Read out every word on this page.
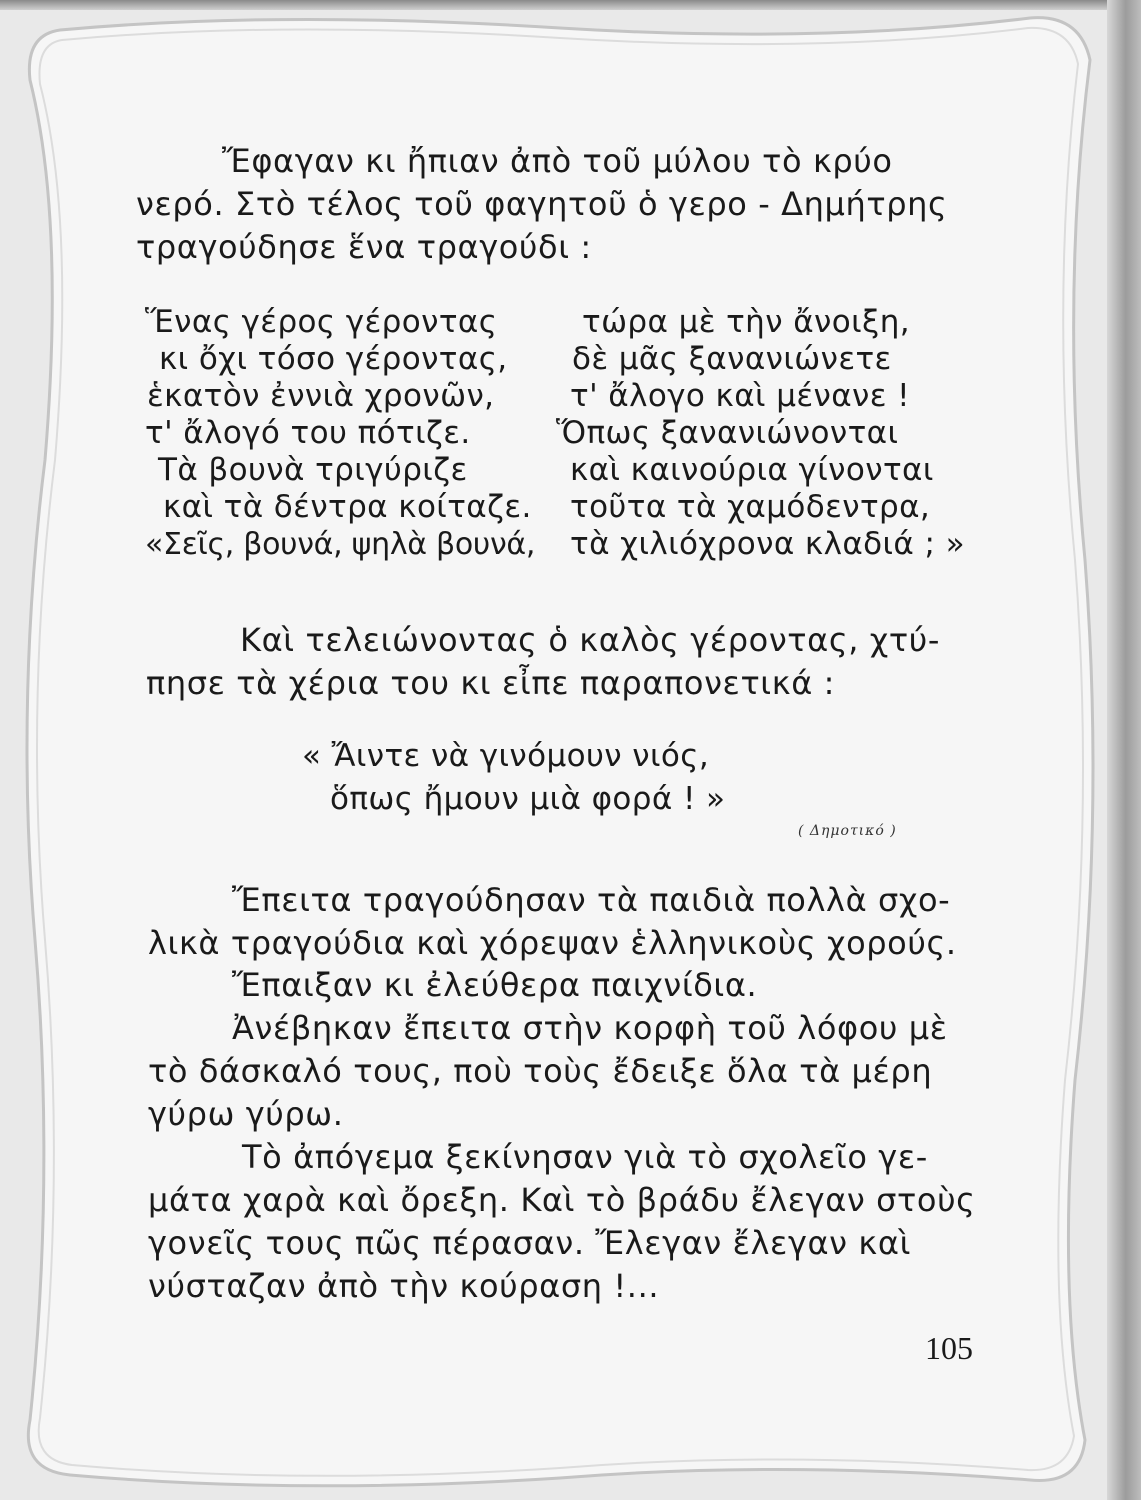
Ἔφαγαν κι ἤπιαν ἀπὸ τοῦ μύλου τὸ κρύο
νερό. Στὸ τέλος τοῦ φαγητοῦ ὁ γερο - Δημήτρης
τραγούδησε ἕνα τραγούδι :
Ἕνας γέρος γέροντας
κι ὄχι τόσο γέροντας,
ἑκατὸν ἐννιὰ χρονῶν,
τ' ἄλογό του πότιζε.
Τὰ βουνὰ τριγύριζε
καὶ τὰ δέντρα κοίταζε.
«Σεῖς, βουνά, ψηλὰ βουνά,
τώρα μὲ τὴν ἄνοιξη,
δὲ μᾶς ξανανιώνετε
τ' ἄλογο καὶ μένανε !
Ὅπως ξανανιώνονται
καὶ καινούρια γίνονται
τοῦτα τὰ χαμόδεντρα,
τὰ χιλιόχρονα κλαδιά ; »
Καὶ τελειώνοντας ὁ καλὸς γέροντας, χτύ-
πησε τὰ χέρια του κι εἶπε παραπονετικά :
« Ἄιντε νὰ γινόμουν νιός,
ὅπως ἤμουν μιὰ φορά ! »
( Δημοτικό )
Ἔπειτα τραγούδησαν τὰ παιδιὰ πολλὰ σχο-
λικὰ τραγούδια καὶ χόρεψαν ἑλληνικοὺς χορούς.
Ἔπαιξαν κι ἐλεύθερα παιχνίδια.
Ἀνέβηκαν ἔπειτα στὴν κορφὴ τοῦ λόφου μὲ
τὸ δάσκαλό τους, ποὺ τοὺς ἔδειξε ὅλα τὰ μέρη
γύρω γύρω.
Τὸ ἀπόγεμα ξεκίνησαν γιὰ τὸ σχολεῖο γε-
μάτα χαρὰ καὶ ὄρεξη. Καὶ τὸ βράδυ ἔλεγαν στοὺς
γονεῖς τους πῶς πέρασαν. Ἔλεγαν ἔλεγαν καὶ
νύσταζαν ἀπὸ τὴν κούραση !...
105
